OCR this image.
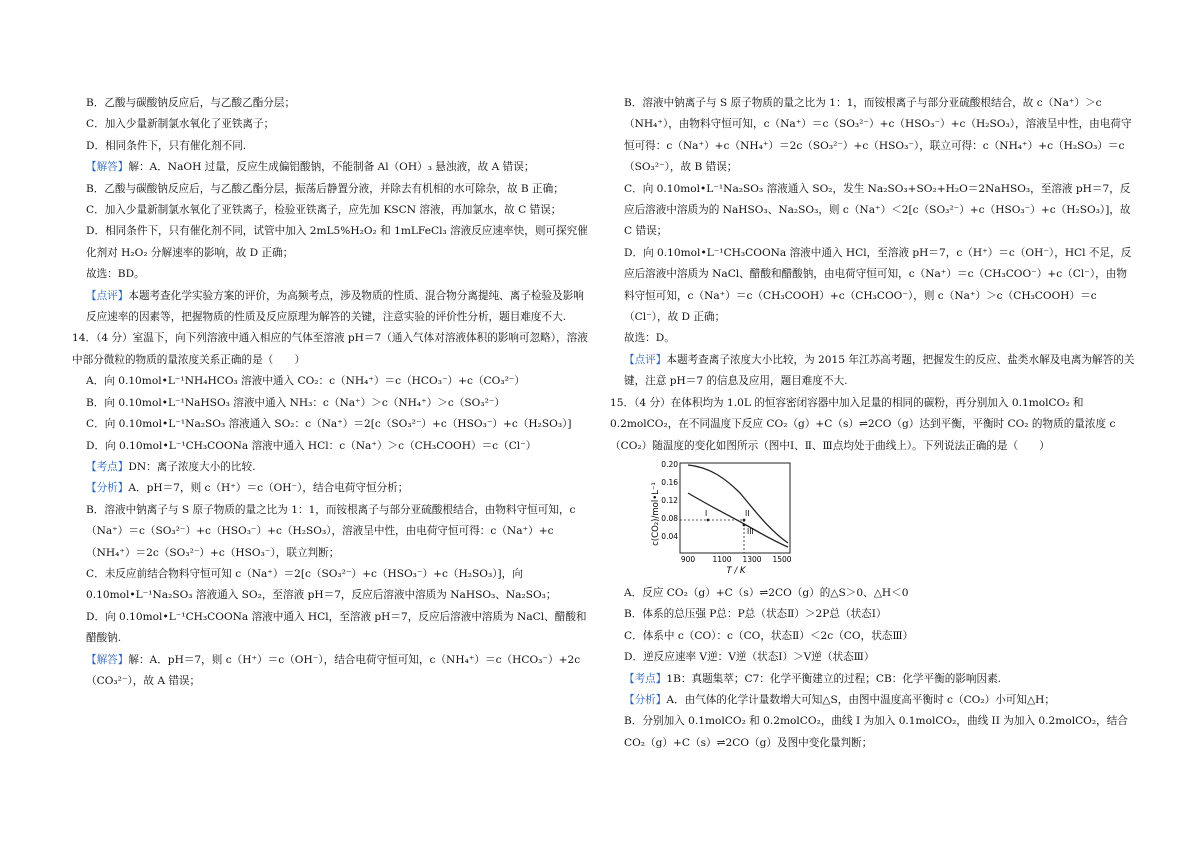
B．乙酸与碳酸钠反应后，与乙酸乙酯分层；

C．加入少量新制氯水氧化了亚铁离子；

D．相同条件下，只有催化剂不同.

【解答】解：A．NaOH 过量，反应生成偏铝酸钠，不能制备 Al（OH）₃ 悬浊液，故 A 错误；

B．乙酸与碳酸钠反应后，与乙酸乙酯分层，振荡后静置分液，并除去有机相的水可除杂，故 B 正确；

C．加入少量新制氯水氧化了亚铁离子，检验亚铁离子，应先加 KSCN 溶液，再加氯水，故 C 错误；

D．相同条件下，只有催化剂不同，试管中加入 2mL5%H₂O₂ 和 1mLFeCl₃ 溶液反应速率快，则可探究催化剂对 H₂O₂ 分解速率的影响，故 D 正确；

故选：BD。

【点评】本题考查化学实验方案的评价，为高频考点，涉及物质的性质、混合物分离提纯、离子检验及影响反应速率的因素等，把握物质的性质及反应原理为解答的关键，注意实验的评价性分析，题目难度不大.

14．（4 分）室温下，向下列溶液中通入相应的气体至溶液 pH＝7（通入气体对溶液体积的影响可忽略），溶液中部分微粒的物质的量浓度关系正确的是（　　）

A．向 0.10mol•L⁻¹NH₄HCO₃ 溶液中通入 CO₂：c（NH₄⁺）＝c（HCO₃⁻）+c（CO₃²⁻）

B．向 0.10mol•L⁻¹NaHSO₃ 溶液中通入 NH₃：c（Na⁺）＞c（NH₄⁺）＞c（SO₃²⁻）

C．向 0.10mol•L⁻¹Na₂SO₃ 溶液通入 SO₂：c（Na⁺）＝2[c（SO₃²⁻）+c（HSO₃⁻）+c（H₂SO₃）]

D．向 0.10mol•L⁻¹CH₃COONa 溶液中通入 HCl：c（Na⁺）＞c（CH₃COOH）＝c（Cl⁻）

【考点】DN：离子浓度大小的比较.

【分析】A．pH＝7，则 c（H⁺）＝c（OH⁻），结合电荷守恒分析；

B．溶液中钠离子与 S 原子物质的量之比为 1：1，而铵根离子与部分亚硫酸根结合，由物料守恒可知，c（Na⁺）＝c（SO₃²⁻）+c（HSO₃⁻）+c（H₂SO₃），溶液呈中性，由电荷守恒可得：c（Na⁺）+c（NH₄⁺）＝2c（SO₃²⁻）+c（HSO₃⁻），联立判断；

C．未反应前结合物料守恒可知 c（Na⁺）＝2[c（SO₃²⁻）+c（HSO₃⁻）+c（H₂SO₃）]，向 0.10mol•L⁻¹Na₂SO₃ 溶液通入 SO₂，至溶液 pH＝7，反应后溶液中溶质为 NaHSO₃、Na₂SO₃；

D．向 0.10mol•L⁻¹CH₃COONa 溶液中通入 HCl，至溶液 pH＝7，反应后溶液中溶质为 NaCl、醋酸和醋酸钠.

【解答】解：A．pH＝7，则 c（H⁺）＝c（OH⁻），结合电荷守恒可知，c（NH₄⁺）＝c（HCO₃⁻）+2c（CO₃²⁻），故 A 错误；

B．溶液中钠离子与 S 原子物质的量之比为 1：1，而铵根离子与部分亚硫酸根结合，故 c（Na⁺）＞c（NH₄⁺），由物料守恒可知，c（Na⁺）＝c（SO₃²⁻）+c（HSO₃⁻）+c（H₂SO₃），溶液呈中性，由电荷守恒可得：c（Na⁺）+c（NH₄⁺）＝2c（SO₃²⁻）+c（HSO₃⁻），联立可得：c（NH₄⁺）+c（H₂SO₃）＝c（SO₃²⁻），故 B 错误；

C．向 0.10mol•L⁻¹Na₂SO₃ 溶液通入 SO₂，发生 Na₂SO₃+SO₂+H₂O＝2NaHSO₃，至溶液 pH＝7，反应后溶液中溶质为的 NaHSO₃、Na₂SO₃，则 c（Na⁺）＜2[c（SO₃²⁻）+c（HSO₃⁻）+c（H₂SO₃）]，故 C 错误；

D．向 0.10mol•L⁻¹CH₃COONa 溶液中通入 HCl，至溶液 pH＝7，c（H⁺）＝c（OH⁻），HCl 不足，反应后溶液中溶质为 NaCl、醋酸和醋酸钠，由电荷守恒可知，c（Na⁺）＝c（CH₃COO⁻）+c（Cl⁻），由物料守恒可知，c（Na⁺）＝c（CH₃COOH）+c（CH₃COO⁻），则 c（Na⁺）＞c（CH₃COOH）＝c（Cl⁻），故 D 正确；

故选：D。

【点评】本题考查离子浓度大小比较，为 2015 年江苏高考题，把握发生的反应、盐类水解及电离为解答的关键，注意 pH＝7 的信息及应用，题目难度不大.

15．（4 分）在体积均为 1.0L 的恒容密闭容器中加入足量的相同的碳粉，再分别加入 0.1molCO₂ 和 0.2molCO₂，在不同温度下反应 CO₂（g）+C（s）⇌2CO（g）达到平衡，平衡时 CO₂ 的物质的量浓度 c（CO₂）随温度的变化如图所示（图中Ⅰ、Ⅱ、Ⅲ点均处于曲线上）。下列说法正确的是（　　）

c(CO₂)/mol•L⁻¹
0.20
0.16
0.12
0.08
0.04
900 1100 1300 1500
T / K
I	II
III

A．反应 CO₂（g）+C（s）⇌2CO（g）的△S＞0、△H＜0

B．体系的总压强 P总：P总（状态Ⅱ）＞2P总（状态Ⅰ）

C．体系中 c（CO）：c（CO，状态Ⅱ）＜2c（CO，状态Ⅲ）

D．逆反应速率 V逆：V逆（状态Ⅰ）＞V逆（状态Ⅲ）

【考点】1B：真题集萃；C7：化学平衡建立的过程；CB：化学平衡的影响因素.

【分析】A．由气体的化学计量数增大可知△S，由图中温度高平衡时 c（CO₂）小可知△H；

B．分别加入 0.1molCO₂ 和 0.2molCO₂，曲线 I 为加入 0.1molCO₂，曲线 II 为加入 0.2molCO₂，结合 CO₂（g）+C（s）⇌2CO（g）及图中变化量判断；
